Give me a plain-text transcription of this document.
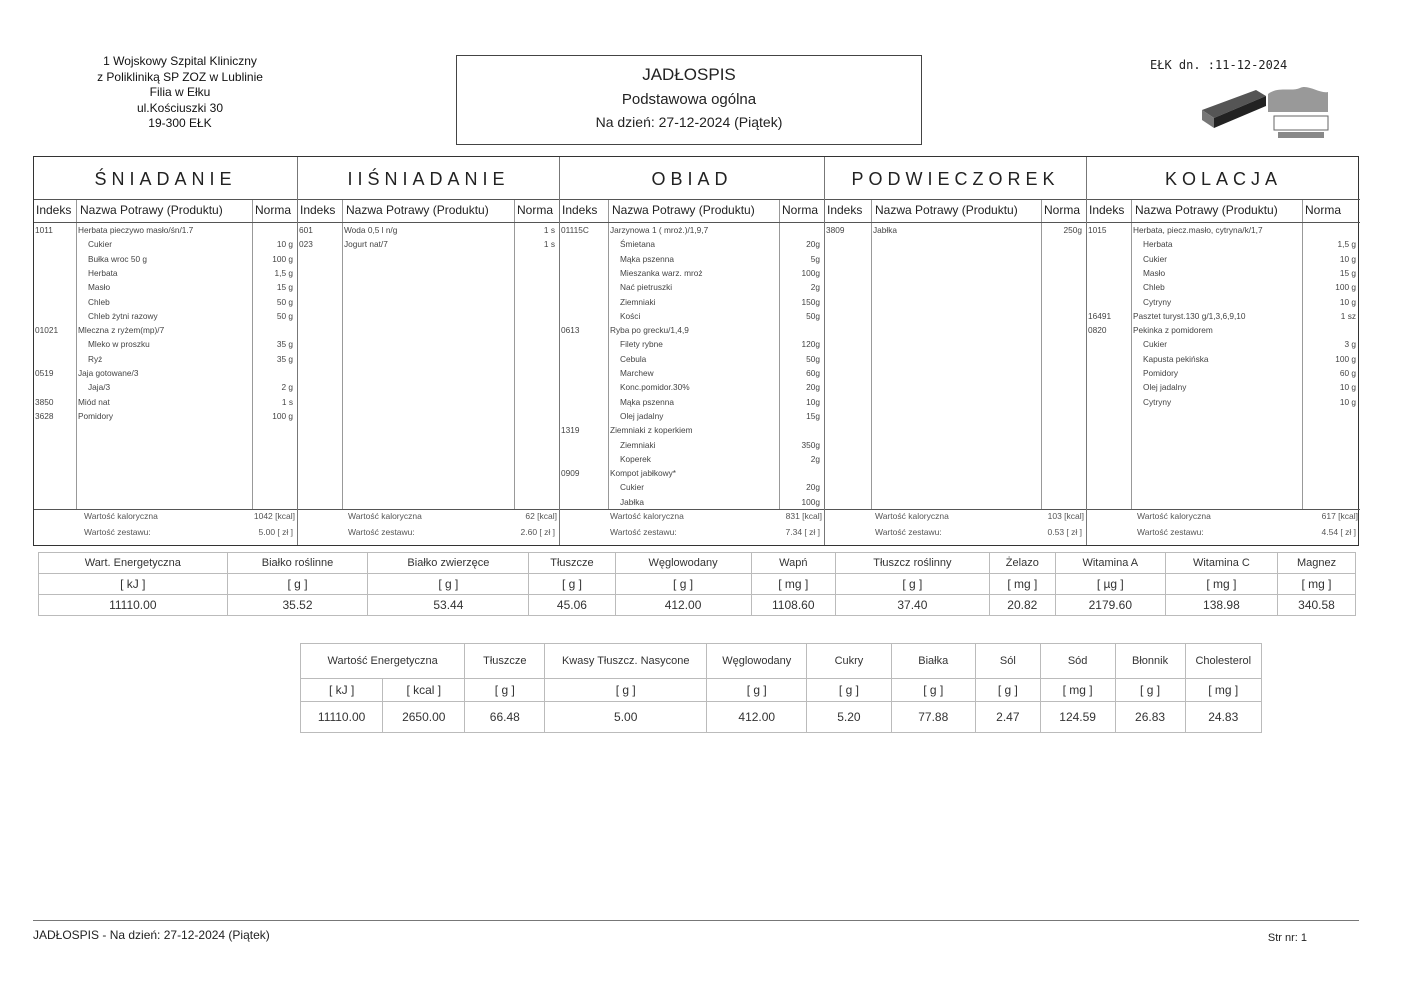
1 Wojskowy Szpital Kliniczny
z Polikliniką SP ZOZ w Lublinie
Filia w Ełku
ul.Kościuszki 30
19-300 EŁK
JADŁOSPIS
Podstawowa ogólna
Na dzień: 27-12-2024 (Piątek)
EŁK dn. :11-12-2024
ŚNIADANIE
Indeks Nazwa Potrawy (Produktu)	Norma
1011	Herbata pieczywo masło/śn/1.7
Cukier	10 g
Bułka wroc 50 g	100 g
Herbata	1,5 g
Masło	15 g
Chleb	50 g
Chleb żytni razowy	50 g
01021 Mleczna z ryżem(mp)/7
Mleko w proszku	35 g
Ryż	35 g
0519	Jaja gotowane/3
Jaja/3	2 g
3850	Miód nat	1 s
3628	Pomidory	100 g
Wartość kaloryczna	1042 [kcal]
Wartość zestawu:	5.00 [ zł ]
IIŚNIADANIE
Indeks Nazwa Potrawy (Produktu) Norma
601	Woda 0,5 l n/g	1 s
023	Jogurt nat/7	1 s
Wartość kaloryczna	62 [kcal]
Wartość zestawu:	2.60 [ zł ]
OBIAD
Indeks Nazwa Potrawy (Produktu) Norma
01115C	Jarzynowa 1 ( mroż.)/1,9,7
Śmietana	20g
Mąka pszenna	5g
Mieszanka warz. mroż	100g
Nać pietruszki	2g
Ziemniaki	150g
Kości	50g
0613	Ryba po grecku/1,4,9
Filety rybne	120g
Cebula	50g
Marchew	60g
Konc.pomidor.30%	20g
Mąka pszenna	10g
Olej jadalny	15g
1319	Ziemniaki z koperkiem
Ziemniaki	350g
Koperek	2g
0909	Kompot jabłkowy*
Cukier	20g
Jabłka	100g
Wartość kaloryczna	831 [kcal]
Wartość zestawu:	7.34 [ zł ]
PODWIECZOREK
Indeks Nazwa Potrawy (Produktu) Norma
3809	Jabłka	250g
Wartość kaloryczna	103 [kcal]
Wartość zestawu:	0.53 [ zł ]
KOLACJA
Indeks Nazwa Potrawy (Produktu) Norma
1015	Herbata, piecz.masło, cytryna/k/1,7
Herbata	1,5 g
Cukier	10 g
Masło	15 g
Chleb	100 g
Cytryny	10 g
16491	Pasztet turyst.130 g/1,3,6,9,10	1 sz
0820	Pekinka z pomidorem
Cukier	3 g
Kapusta pekińska	100 g
Pomidory	60 g
Olej jadalny	10 g
Cytryny	10 g
Wartość kaloryczna	617 [kcal]
Wartość zestawu:	4.54 [ zł ]
Wart. Energetyczna	Białko roślinne	Białko zwierzęce	Tłuszcze	Węglowodany	Wapń	Tłuszcz roślinny	Żelazo	Witamina A	Witamina C	Magnez
[ kJ ]	[ g ]	[ g ]	[ g ]	[ g ]	[ mg ]	[ g ]	[ mg ]	[ µg ]	[ mg ]	[ mg ]
11110.00	35.52	53.44	45.06	412.00	1108.60	37.40	20.82	2179.60	138.98	340.58
Wartość Energetyczna		Tłuszcze	Kwasy Tłuszcz. Nasycone	Węglowodany	Cukry	Białka	Sól	Sód	Błonnik	Cholesterol
[ kJ ]	[ kcal ]	[ g ]	[ g ]	[ g ]	[ g ]	[ g ]	[ g ]	[ mg ]	[ g ]	[ mg ]
11110.00	2650.00	66.48	5.00	412.00	5.20	77.88	2.47	124.59	26.83	24.83
JADŁOSPIS - Na dzień: 27-12-2024 (Piątek)	Str nr: 1
